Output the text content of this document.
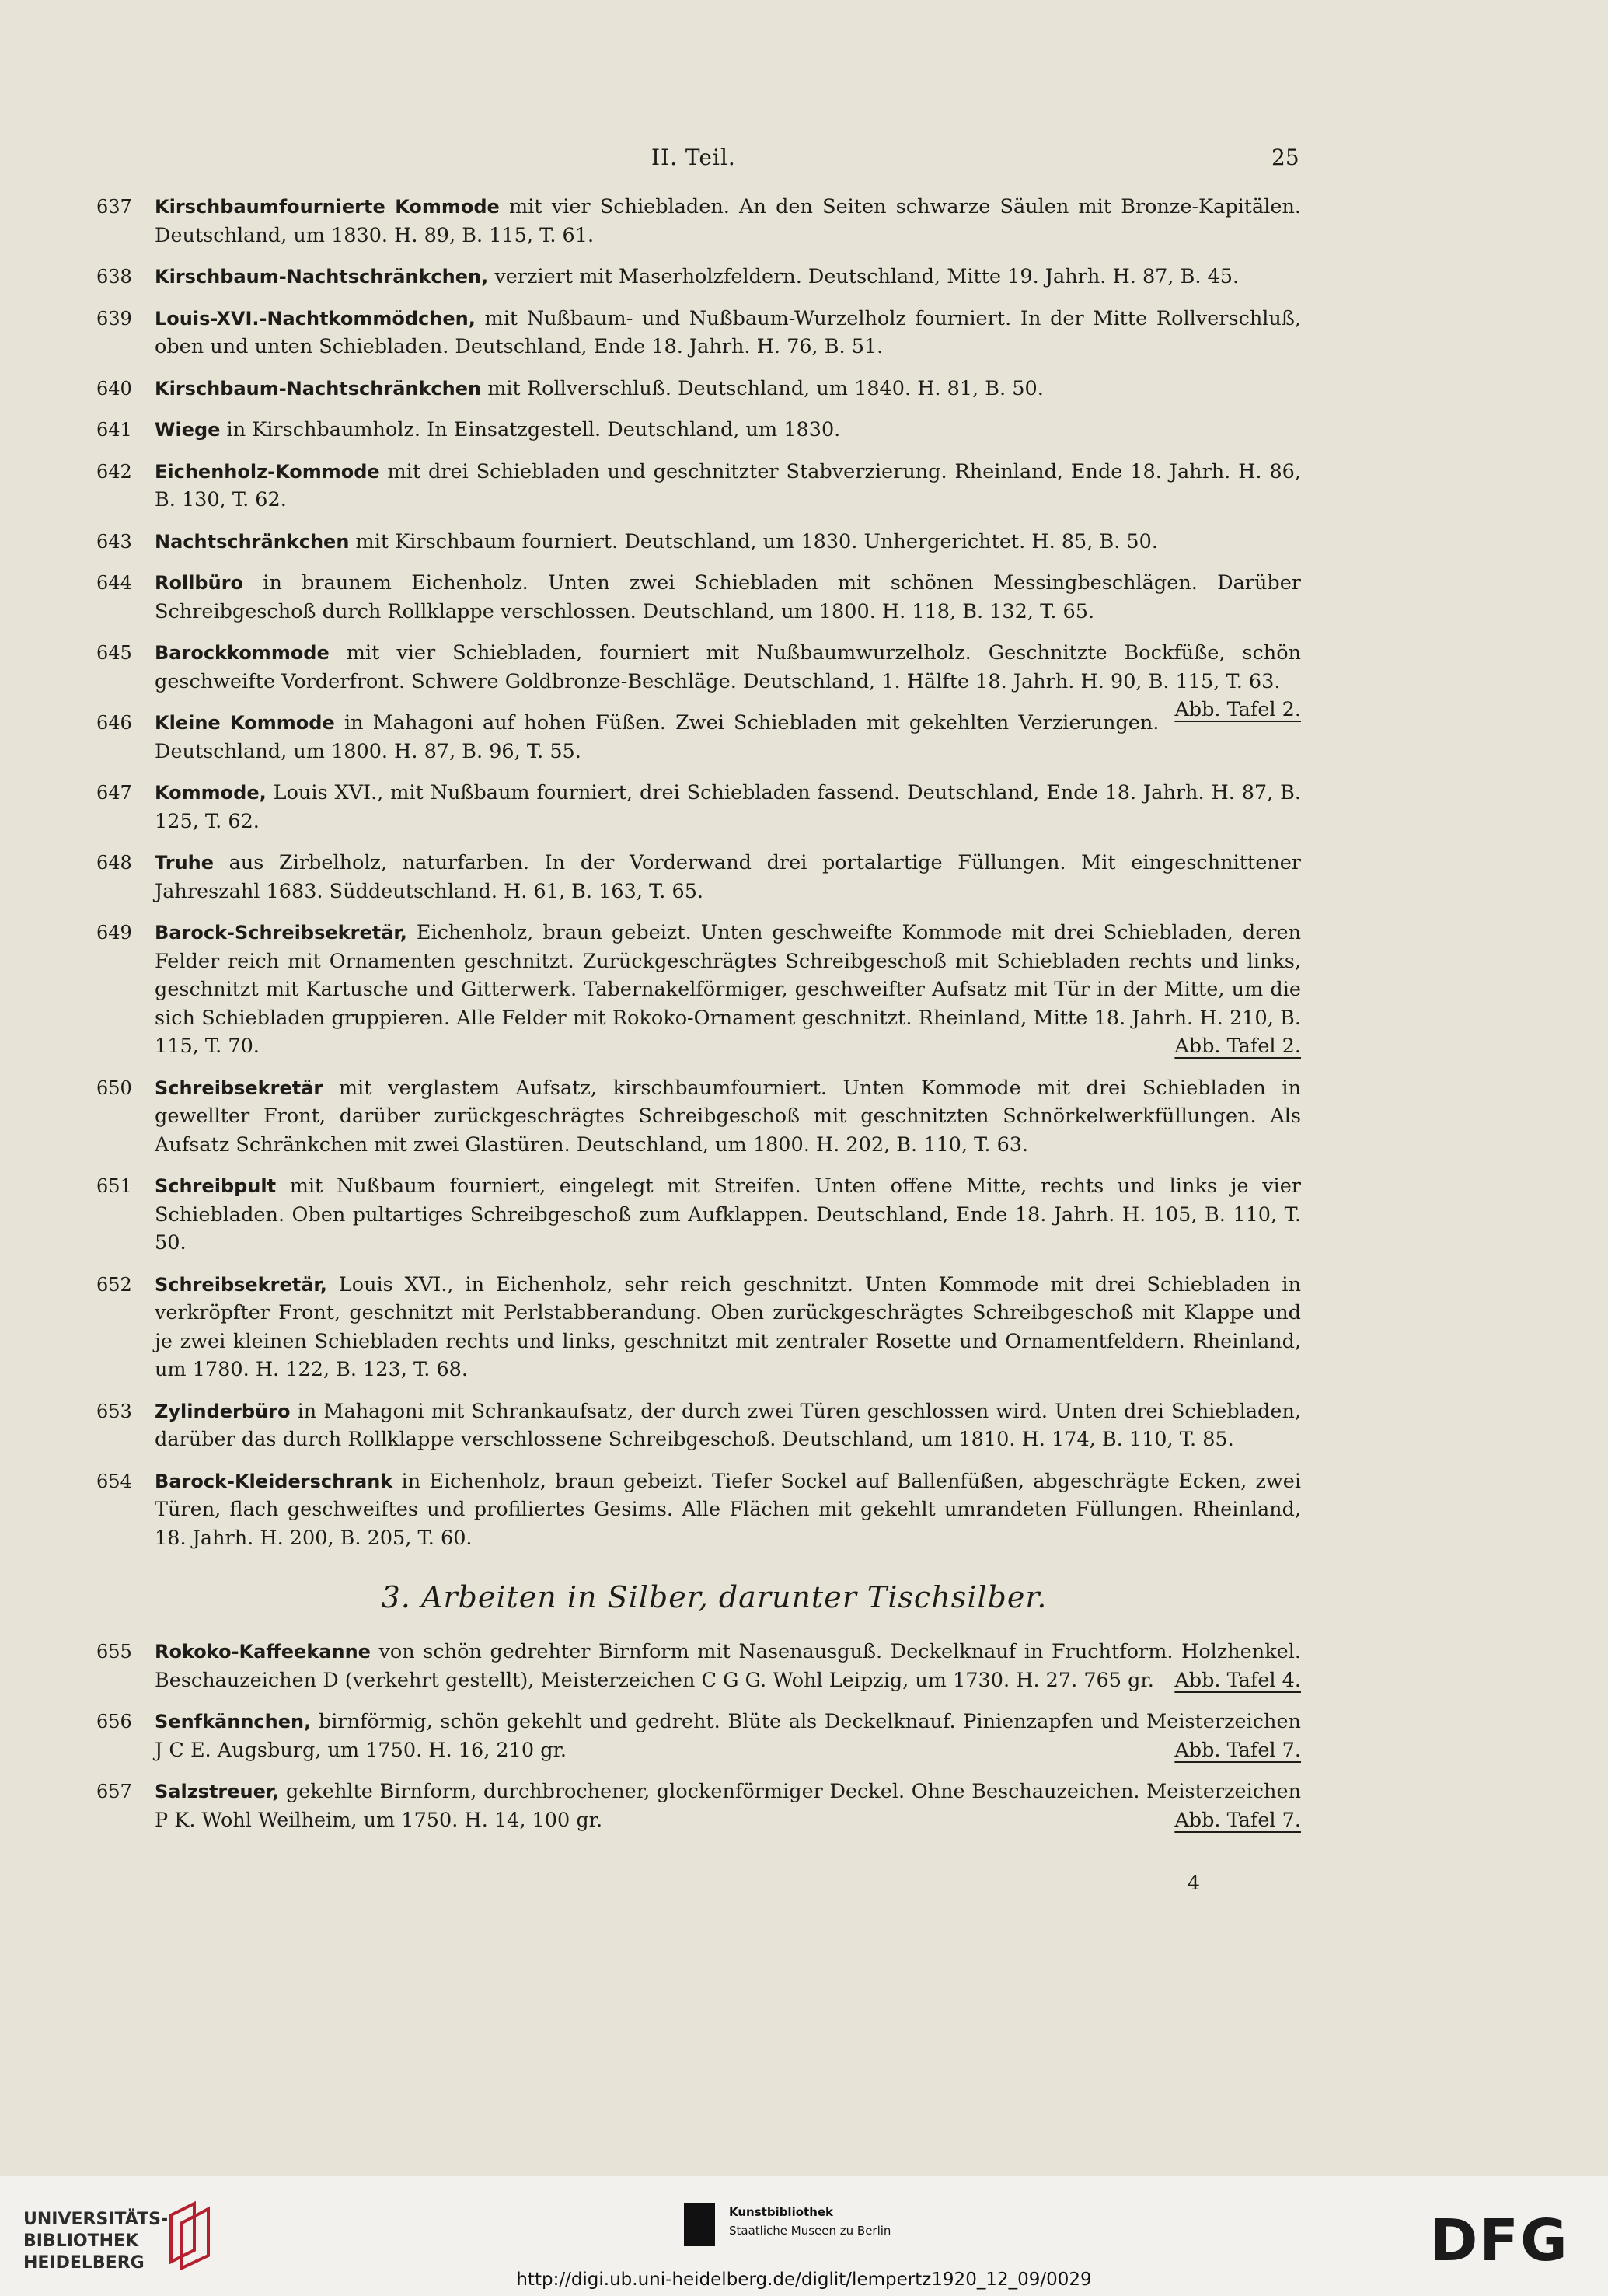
II. Teil.	25
637 Kirschbaumfournierte Kommode mit vier Schiebladen. An den Seiten schwarze Säulen mit Bronze-Kapitälen. Deutschland, um 1830. H. 89, B. 115, T. 61.
638 Kirschbaum-Nachtschränkchen, verziert mit Maserholzfeldern. Deutschland, Mitte 19. Jahrh. H. 87, B. 45.
639 Louis-XVI.-Nachtkommödchen, mit Nußbaum- und Nußbaum-Wurzelholz fourniert. In der Mitte Rollverschluß, oben und unten Schiebladen. Deutschland, Ende 18. Jahrh. H. 76, B. 51.
640 Kirschbaum-Nachtschränkchen mit Rollverschluß. Deutschland, um 1840. H. 81, B. 50.
641 Wiege in Kirschbaumholz. In Einsatzgestell. Deutschland, um 1830.
642 Eichenholz-Kommode mit drei Schiebladen und geschnitzter Stabverzierung. Rheinland, Ende 18. Jahrh. H. 86, B. 130, T. 62.
643 Nachtschränkchen mit Kirschbaum fourniert. Deutschland, um 1830. Unhergerichtet. H. 85, B. 50.
644 Rollbüro in braunem Eichenholz. Unten zwei Schiebladen mit schönen Messingbeschlägen. Darüber Schreibgeschoß durch Rollklappe verschlossen. Deutschland, um 1800. H. 118, B. 132, T. 65.
645 Barockkommode mit vier Schiebladen, fourniert mit Nußbaumwurzelholz. Geschnitzte Bockfüße, schön geschweifte Vorderfront. Schwere Goldbronze-Beschläge. Deutschland, 1. Hälfte 18. Jahrh. H. 90, B. 115, T. 63.
Abb. Tafel 2.
646 Kleine Kommode in Mahagoni auf hohen Füßen. Zwei Schiebladen mit gekehlten Verzierungen. Deutschland, um 1800. H. 87, B. 96, T. 55.
647 Kommode, Louis XVI., mit Nußbaum fourniert, drei Schiebladen fassend. Deutschland, Ende 18. Jahrh. H. 87, B. 125, T. 62.
648 Truhe aus Zirbelholz, naturfarben. In der Vorderwand drei portalartige Füllungen. Mit eingeschnittener Jahreszahl 1683. Süddeutschland. H. 61, B. 163, T. 65.
649 Barock-Schreibsekretär, Eichenholz, braun gebeizt. Unten geschweifte Kommode mit drei Schiebladen, deren Felder reich mit Ornamenten geschnitzt. Zurückgeschrägtes Schreibgeschoß mit Schiebladen rechts und links, geschnitzt mit Kartusche und Gitterwerk. Tabernakelförmiger, geschweifter Aufsatz mit Tür in der Mitte, um die sich Schiebladen gruppieren. Alle Felder mit Rokoko-Ornament geschnitzt. Rheinland, Mitte 18. Jahrh. H. 210, B. 115, T. 70.	Abb. Tafel 2.
650 Schreibsekretär mit verglastem Aufsatz, kirschbaumfourniert. Unten Kommode mit drei Schiebladen in gewellter Front, darüber zurückgeschrägtes Schreibgeschoß mit geschnitzten Schnörkelwerkfüllungen. Als Aufsatz Schränkchen mit zwei Glastüren. Deutschland, um 1800. H. 202, B. 110, T. 63.
651 Schreibpult mit Nußbaum fourniert, eingelegt mit Streifen. Unten offene Mitte, rechts und links je vier Schiebladen. Oben pultartiges Schreibgeschoß zum Aufklappen. Deutschland, Ende 18. Jahrh. H. 105, B. 110, T. 50.
652 Schreibsekretär, Louis XVI., in Eichenholz, sehr reich geschnitzt. Unten Kommode mit drei Schiebladen in verkröpfter Front, geschnitzt mit Perlstabberandung. Oben zurückgeschrägtes Schreibgeschoß mit Klappe und je zwei kleinen Schiebladen rechts und links, geschnitzt mit zentraler Rosette und Ornamentfeldern. Rheinland, um 1780. H. 122, B. 123, T. 68.
653 Zylinderbüro in Mahagoni mit Schrankaufsatz, der durch zwei Türen geschlossen wird. Unten drei Schiebladen, darüber das durch Rollklappe verschlossene Schreibgeschoß. Deutschland, um 1810. H. 174, B. 110, T. 85.
654 Barock-Kleiderschrank in Eichenholz, braun gebeizt. Tiefer Sockel auf Ballenfüßen, abgeschrägte Ecken, zwei Türen, flach geschweiftes und profiliertes Gesims. Alle Flächen mit gekehlt umrandeten Füllungen. Rheinland, 18. Jahrh. H. 200, B. 205, T. 60.
3. Arbeiten in Silber, darunter Tischsilber.
655 Rokoko-Kaffeekanne von schön gedrehter Birnform mit Nasenausguß. Deckelknauf in Fruchtform. Holzhenkel. Beschauzeichen D (verkehrt gestellt), Meisterzeichen C G G. Wohl Leipzig, um 1730. H. 27. 765 gr. Abb. Tafel 4.
656 Senfkännchen, birnförmig, schön gekehlt und gedreht. Blüte als Deckelknauf. Pinienzapfen und Meisterzeichen J C E. Augsburg, um 1750. H. 16, 210 gr.	Abb. Tafel 7.
657 Salzstreuer, gekehlte Birnform, durchbrochener, glockenförmiger Deckel. Ohne Beschauzeichen. Meisterzeichen P K. Wohl Weilheim, um 1750. H. 14, 100 gr.	Abb. Tafel 7.
4
UNIVERSITÄTS-
BIBLIOTHEK
HEIDELBERG
Kunstbibliothek
Staatliche Museen zu Berlin	DFG
http://digi.ub.uni-heidelberg.de/diglit/lempertz1920_12_09/0029
